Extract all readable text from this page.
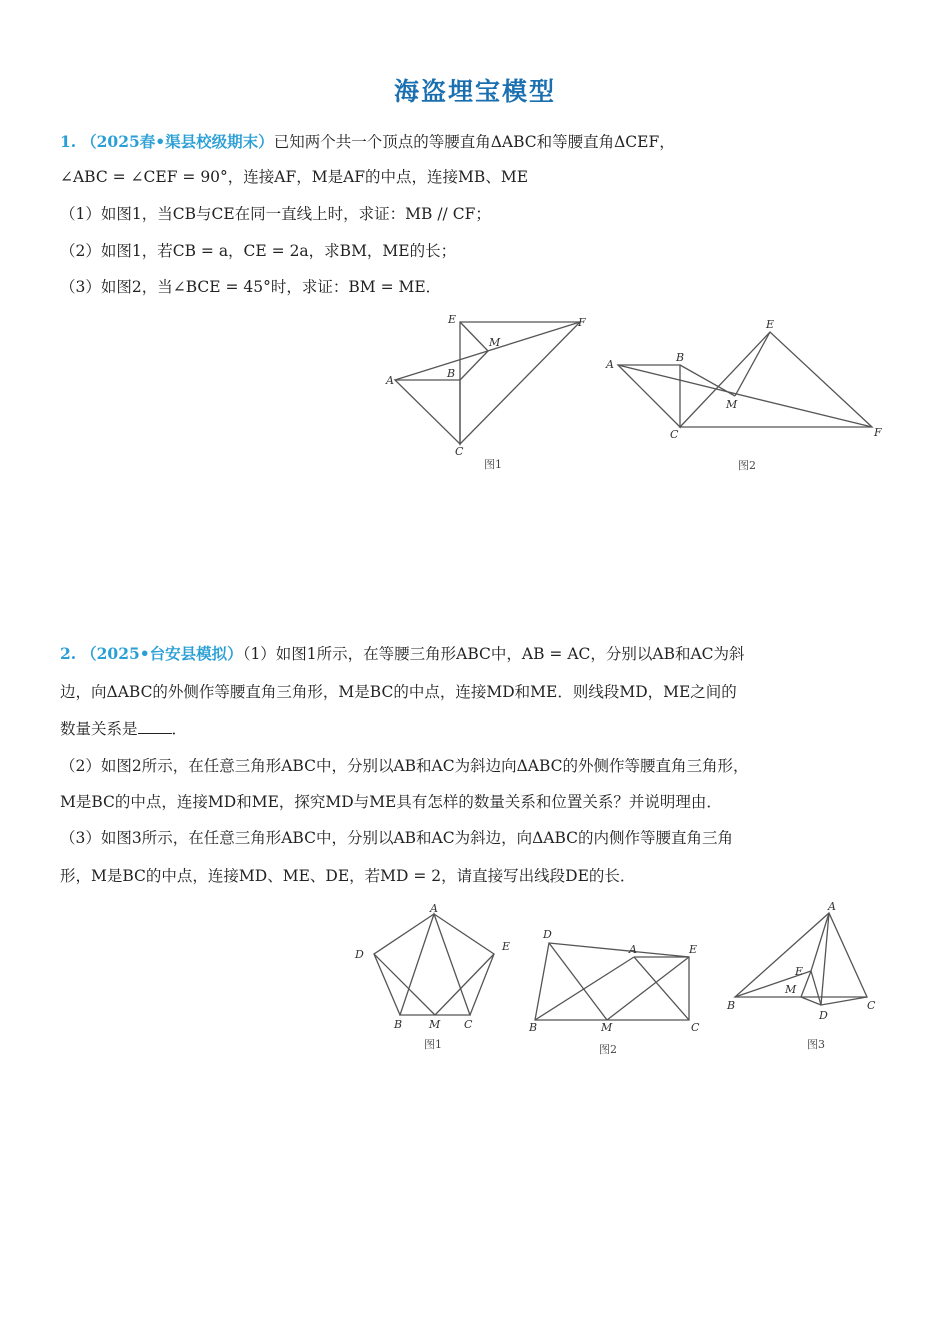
海盗埋宝模型
1. （2025春•渠县校级期末）已知两个共一个顶点的等腰直角ΔABC和等腰直角ΔCEF，
∠ABC = ∠CEF = 90°，连接AF，M是AF的中点，连接MB、ME
（1）如图1，当CB与CE在同一直线上时，求证：MB // CF；
（2）如图1，若CB = a，CE = 2a，求BM，ME的长；
（3）如图2，当∠BCE = 45°时，求证：BM = ME．
E	F
M
A
B
C
图1
E
B
A
M
C	F
图2
2. （2025•台安县模拟）（1）如图1所示，在等腰三角形ABC中，AB = AC，分别以AB和AC为斜
边，向ΔABC的外侧作等腰直角三角形，M是BC的中点，连接MD和ME．则线段MD，ME之间的
数量关系是 ．
（2）如图2所示，在任意三角形ABC中，分别以AB和AC为斜边向ΔABC的外侧作等腰直角三角形，
M是BC的中点，连接MD和ME，探究MD与ME具有怎样的数量关系和位置关系？并说明理由．
（3）如图3所示，在任意三角形ABC中，分别以AB和AC为斜边，向ΔABC的内侧作等腰直角三角
形，M是BC的中点，连接MD、ME、DE，若MD = 2，请直接写出线段DE的长．
A
D
E
B M C
图1
D
A	E
B	M	C
图2
A
E
M
B
D
C
图3
